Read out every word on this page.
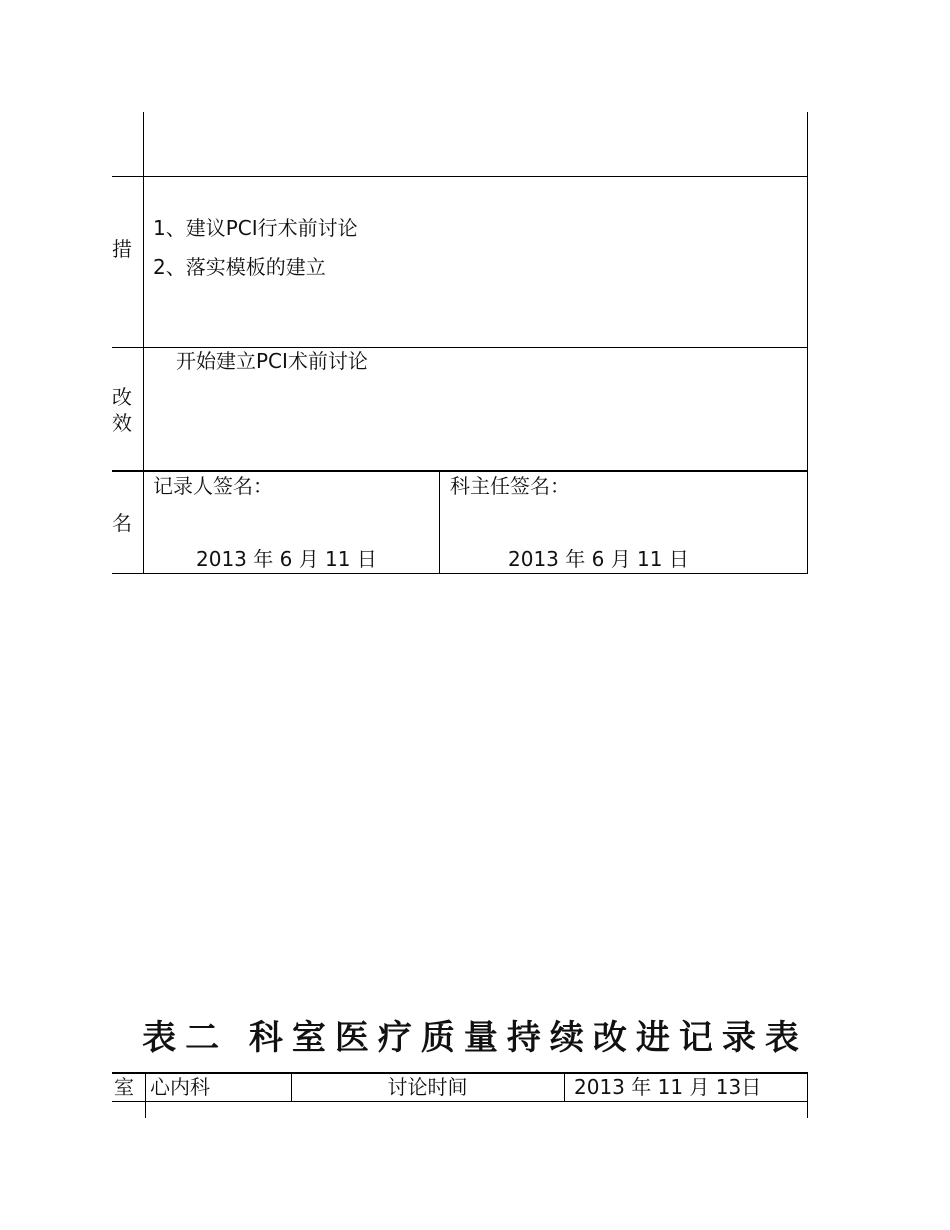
措
1、建议PCI行术前讨论
2、落实模板的建立
改
效
开始建立PCI术前讨论
名
记录人签名：
2013 年 6 月 11 日
科主任签名：
2013 年 6 月 11 日
表二 科室医疗质量持续改进记录表
室 心内科	讨论时间	2013 年 11 月 13日
